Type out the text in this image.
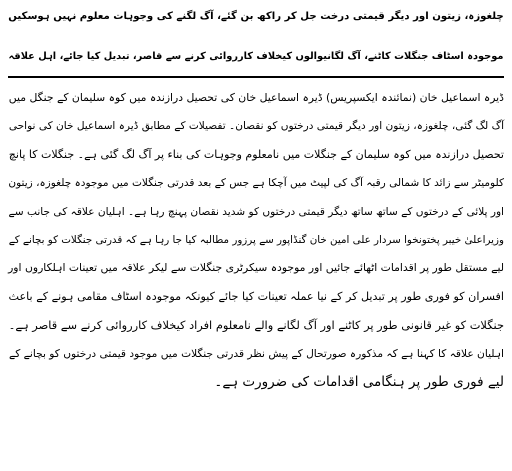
چلغوزہ، زیتون اور دیگر قیمتی درخت جل کر راکھ بن گئے، آگ لگنے کی وجوہات معلوم نہیں ہوسکیں
موجودہ اسٹاف جنگلات کاٹنے، آگ لگانیوالوں کیخلاف کارروائی کرنے سے قاصر، تبدیل کیا جائے، اہل علاقہ
ڈیرہ اسماعیل خان (نمائندہ ایکسپریس) ڈیرہ اسماعیل خان کی تحصیل درازندہ میں کوہ سلیمان کے جنگل میں
آگ لگ گئی، چلغوزہ، زیتون اور دیگر قیمتی درختوں کو نقصان۔ تفصیلات کے مطابق ڈیرہ اسماعیل خان کی نواحی
تحصیل درازندہ میں کوہ سلیمان کے جنگلات میں نامعلوم وجوہات کی بناء پر آگ لگ گئی ہے۔ جنگلات کا پانچ
کلومیٹر سے زائد کا شمالی رقبہ آگ کی لپیٹ میں آچکا ہے جس کے بعد قدرتی جنگلات میں موجودہ چلغوزہ، زیتون
اور پلائی کے درختوں کے ساتھ ساتھ دیگر قیمتی درختوں کو شدید نقصان پہنچ رہا ہے۔ اہلیان علاقہ کی جانب سے
وزیراعلیٰ خیبر پختونخوا سردار علی امین خان گنڈاپور سے پرزور مطالبہ کیا جا رہا ہے کہ قدرتی جنگلات کو بچانے کے
لیے مستقل طور پر اقدامات اٹھائے جائیں اور موجودہ سیکرٹری جنگلات سے لیکر علاقہ میں تعینات اہلکاروں اور
افسران کو فوری طور پر تبدیل کر کے نیا عملہ تعینات کیا جائے کیونکہ موجودہ اسٹاف مقامی ہونے کے باعث
جنگلات کو غیر قانونی طور پر کاٹنے اور آگ لگانے والے نامعلوم افراد کیخلاف کارروائی کرنے سے قاصر ہے۔
اہلیان علاقہ کا کہنا ہے کہ مذکورہ صورتحال کے پیش نظر قدرتی جنگلات میں موجود قیمتی درختوں کو بچانے کے
لیے فوری طور پر ہنگامی اقدامات کی ضرورت ہے۔
